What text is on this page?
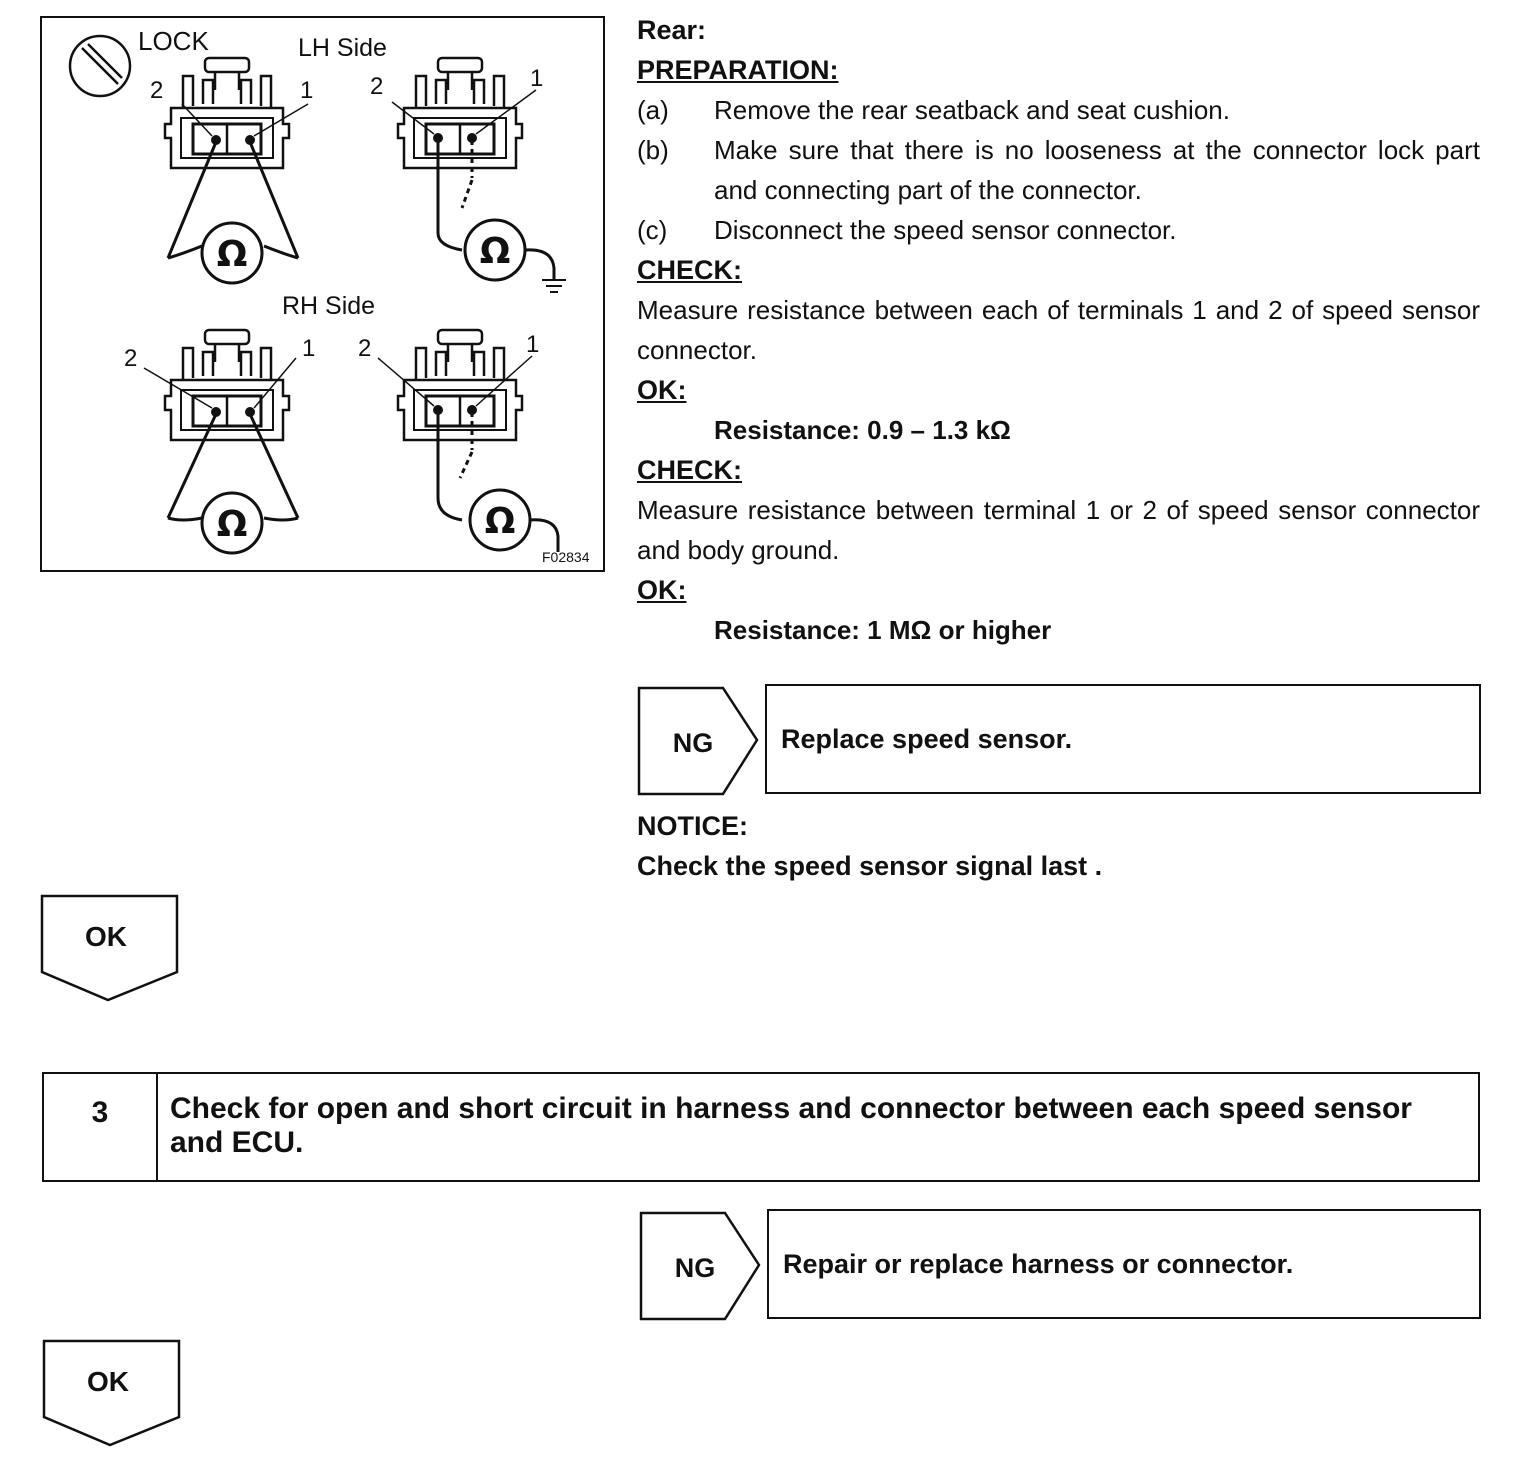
LOCK	LH Side
RH Side
2	1 2	1
2	1 2	1
Ω	Ω
Ω	Ω
F02834
Rear:
PREPARATION:
(a)	Remove the rear seatback and seat cushion.
(b)	Make sure that there is no looseness at the connector lock part and connecting part of the connector.
(c)	Disconnect the speed sensor connector.
CHECK:
Measure resistance between each of terminals 1 and 2 of speed sensor connector.
OK:
Resistance: 0.9 – 1.3 kΩ
CHECK:
Measure resistance between terminal 1 or 2 of speed sensor connector and body ground.
OK:
Resistance: 1 MΩ or higher
NG	Replace speed sensor.
NOTICE:
Check the speed sensor signal last .
OK
3	Check for open and short circuit in harness and connector between each speed sensor and ECU.
NG	Repair or replace harness or connector.
OK
